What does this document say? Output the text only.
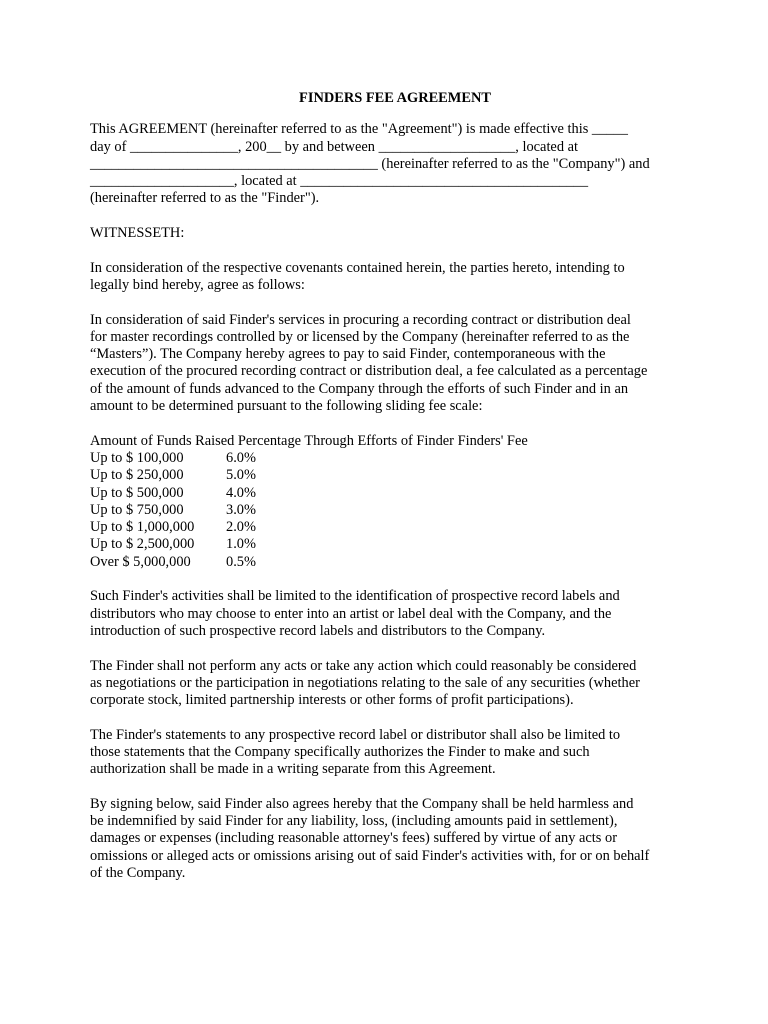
FINDERS FEE AGREEMENT
This AGREEMENT (hereinafter referred to as the "Agreement") is made effective this _____
day of _______________, 200__ by and between ___________________, located at
________________________________________ (hereinafter referred to as the "Company") and
____________________, located at ________________________________________
(hereinafter referred to as the "Finder").
WITNESSETH:
In consideration of the respective covenants contained herein, the parties hereto, intending to
legally bind hereby, agree as follows:
In consideration of said Finder's services in procuring a recording contract or distribution deal
for master recordings controlled by or licensed by the Company (hereinafter referred to as the
“Masters”). The Company hereby agrees to pay to said Finder, contemporaneous with the
execution of the procured recording contract or distribution deal, a fee calculated as a percentage
of the amount of funds advanced to the Company through the efforts of such Finder and in an
amount to be determined pursuant to the following sliding fee scale:
Amount of Funds Raised Percentage Through Efforts of Finder Finders' Fee
Up to $ 100,000	6.0%
Up to $ 250,000	5.0%
Up to $ 500,000	4.0%
Up to $ 750,000	3.0%
Up to $ 1,000,000	2.0%
Up to $ 2,500,000	1.0%
Over $ 5,000,000	0.5%
Such Finder's activities shall be limited to the identification of prospective record labels and
distributors who may choose to enter into an artist or label deal with the Company, and the
introduction of such prospective record labels and distributors to the Company.
The Finder shall not perform any acts or take any action which could reasonably be considered
as negotiations or the participation in negotiations relating to the sale of any securities (whether
corporate stock, limited partnership interests or other forms of profit participations).
The Finder's statements to any prospective record label or distributor shall also be limited to
those statements that the Company specifically authorizes the Finder to make and such
authorization shall be made in a writing separate from this Agreement.
By signing below, said Finder also agrees hereby that the Company shall be held harmless and
be indemnified by said Finder for any liability, loss, (including amounts paid in settlement),
damages or expenses (including reasonable attorney's fees) suffered by virtue of any acts or
omissions or alleged acts or omissions arising out of said Finder's activities with, for or on behalf
of the Company.
